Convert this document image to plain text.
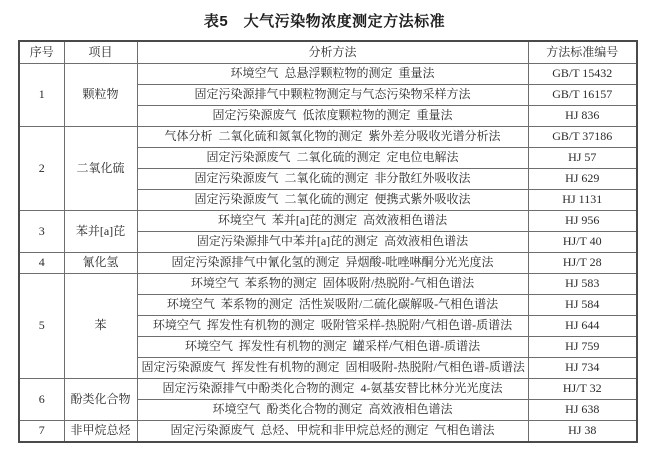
表5　大气污染物浓度测定方法标准
序号	项目	分析方法	方法标准编号
1	颗粒物	环境空气  总悬浮颗粒物的测定  重量法	GB/T 15432
		固定污染源排气中颗粒物测定与气态污染物采样方法	GB/T 16157
		固定污染源废气  低浓度颗粒物的测定  重量法	HJ 836
2	二氧化硫	气体分析  二氧化硫和氮氧化物的测定  紫外差分吸收光谱分析法	GB/T 37186
		固定污染源废气  二氧化硫的测定  定电位电解法	HJ 57
		固定污染源废气  二氧化硫的测定  非分散红外吸收法	HJ 629
		固定污染源废气  二氧化硫的测定  便携式紫外吸收法	HJ 1131
3	苯并[a]芘	环境空气  苯并[a]芘的测定  高效液相色谱法	HJ 956
		固定污染源排气中苯并[a]芘的测定  高效液相色谱法	HJ/T 40
4	氰化氢	固定污染源排气中氰化氢的测定  异烟酸-吡唑啉酮分光光度法	HJ/T 28
5	苯	环境空气  苯系物的测定  固体吸附/热脱附-气相色谱法	HJ 583
		环境空气  苯系物的测定  活性炭吸附/二硫化碳解吸-气相色谱法	HJ 584
		环境空气  挥发性有机物的测定  吸附管采样-热脱附/气相色谱-质谱法	HJ 644
		环境空气  挥发性有机物的测定  罐采样/气相色谱-质谱法	HJ 759
		固定污染源废气  挥发性有机物的测定  固相吸附-热脱附/气相色谱-质谱法	HJ 734
6	酚类化合物	固定污染源排气中酚类化合物的测定  4-氨基安替比林分光光度法	HJ/T 32
		环境空气  酚类化合物的测定  高效液相色谱法	HJ 638
7	非甲烷总烃	固定污染源废气  总烃、甲烷和非甲烷总烃的测定  气相色谱法	HJ 38
